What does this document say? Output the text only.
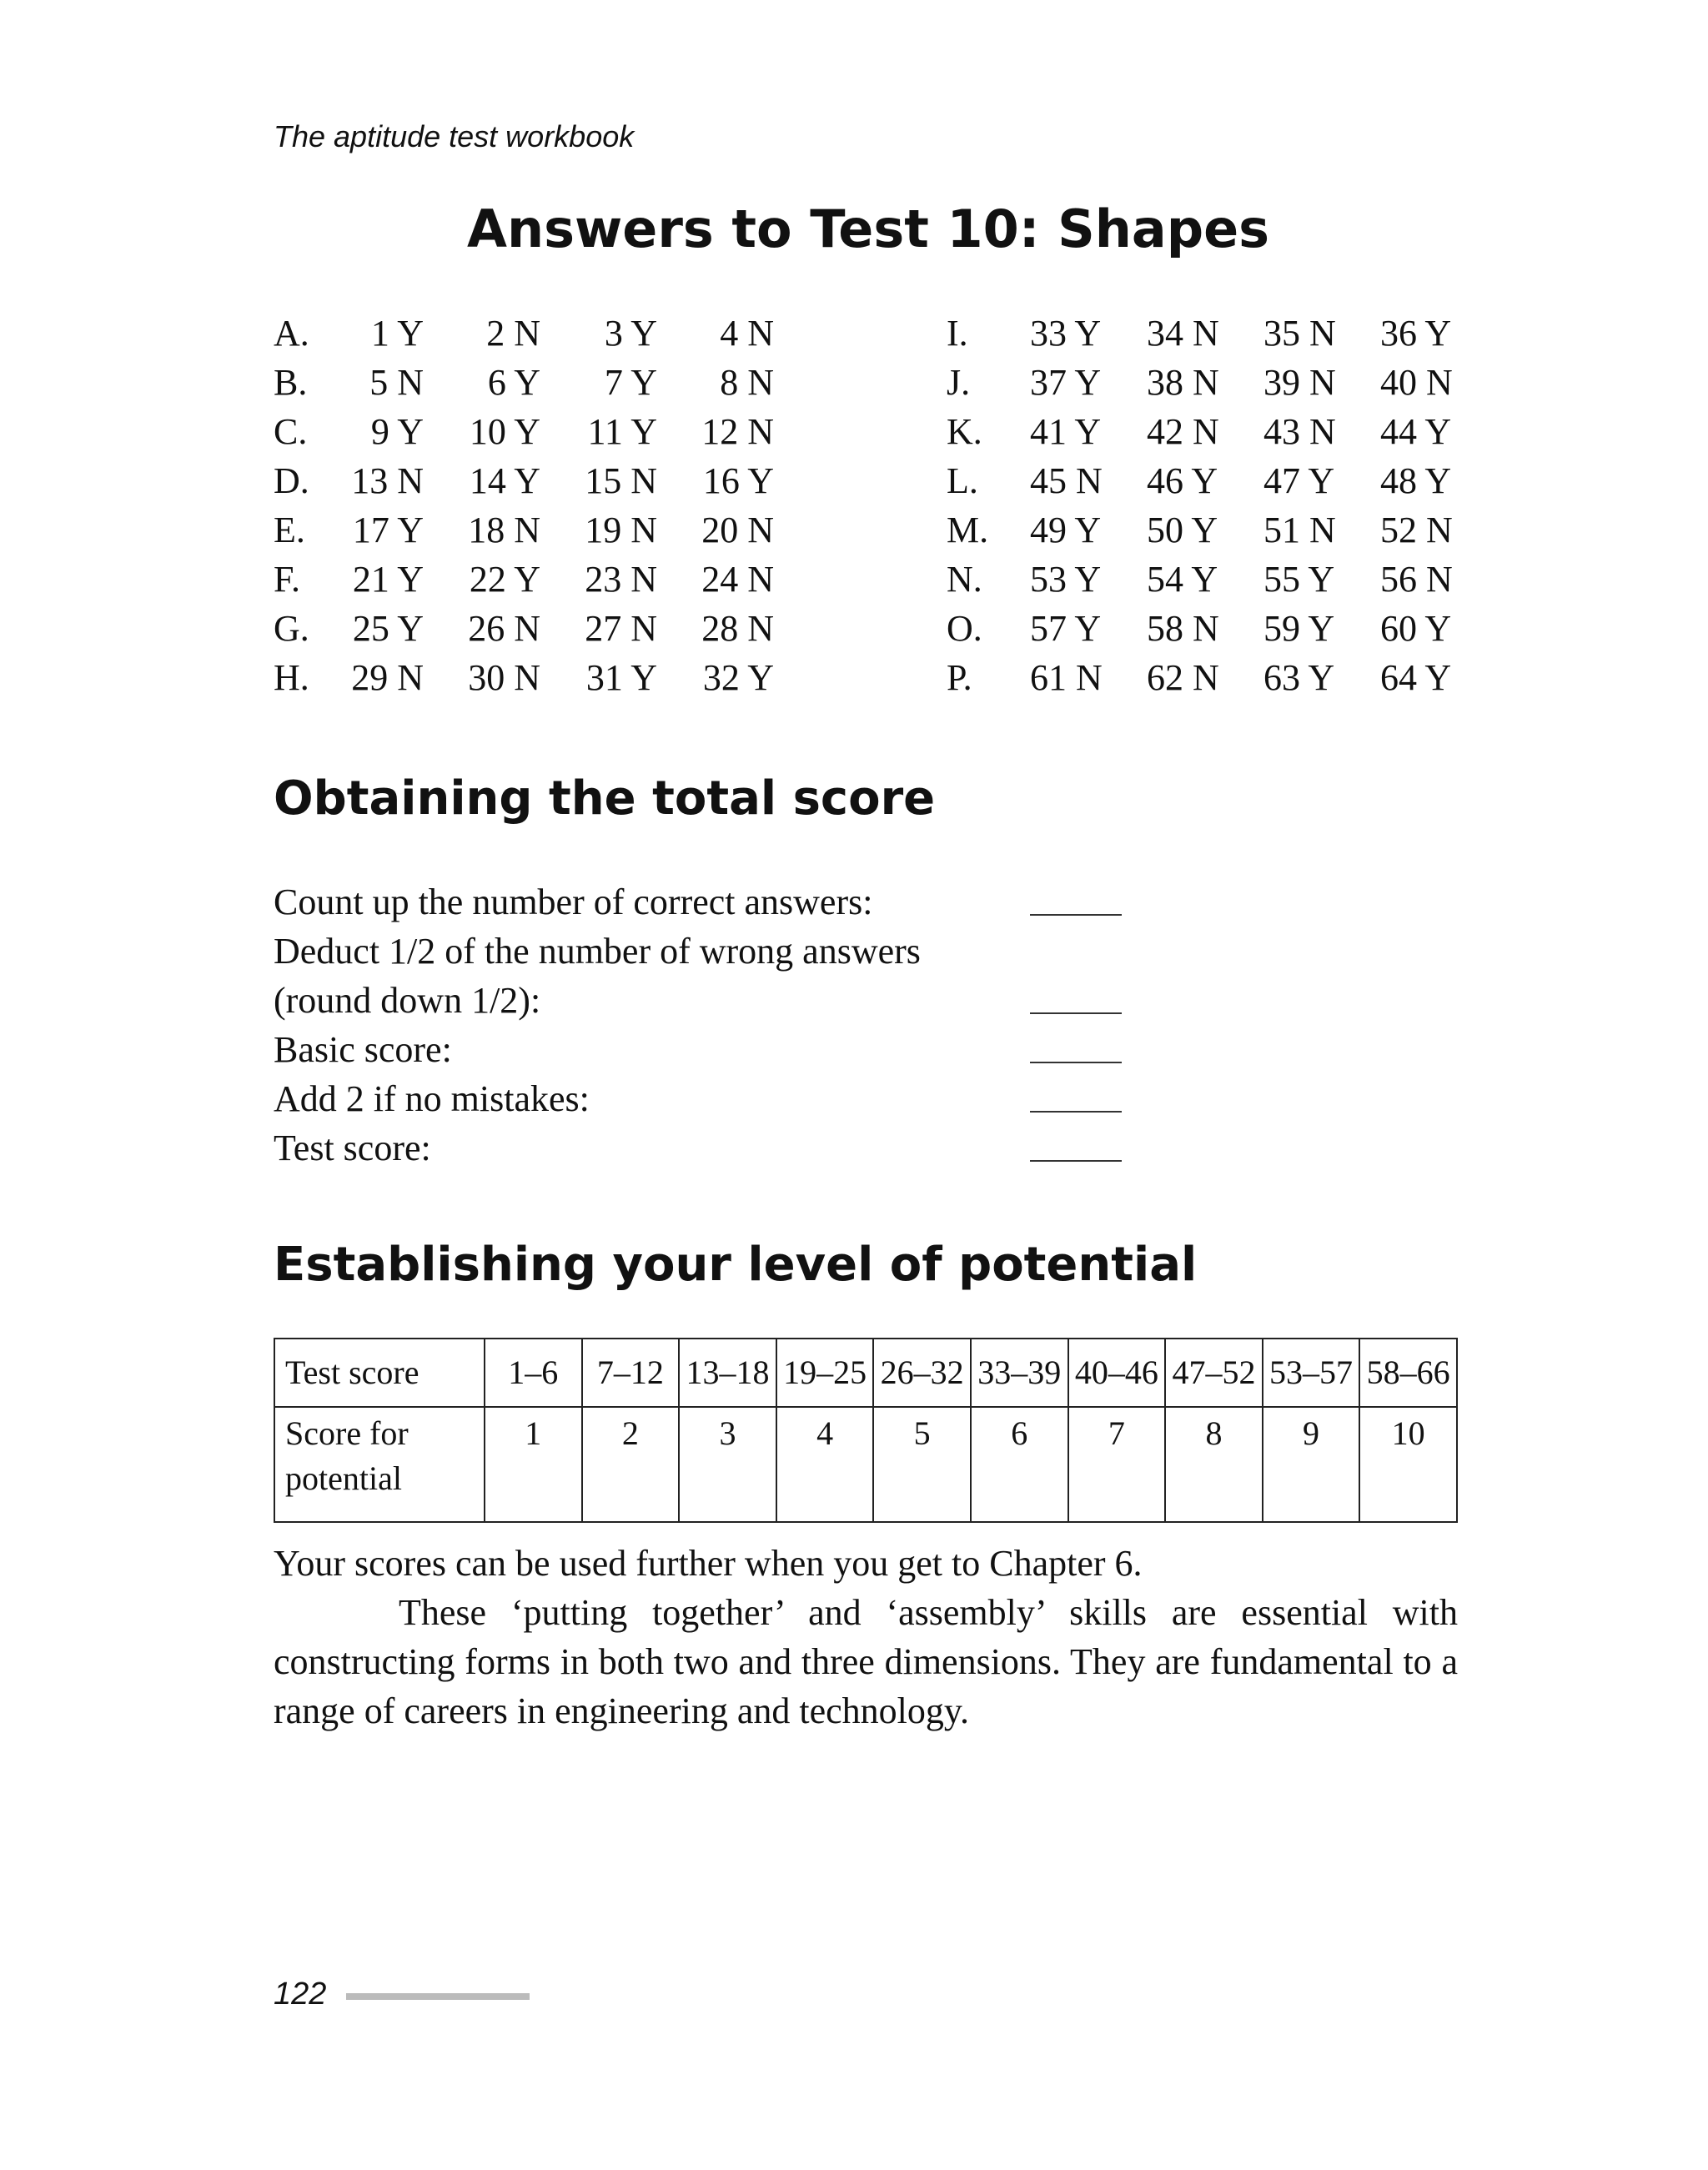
The aptitude test workbook
Answers to Test 10: Shapes
A.	1 Y	2 N	3 Y	4 N
B.	5 N	6 Y	7 Y	8 N
C.	9 Y	10 Y	11 Y	12 N
D.	13 N	14 Y	15 N	16 Y
E.	17 Y	18 N	19 N	20 N
F.	21 Y	22 Y	23 N	24 N
G.	25 Y	26 N	27 N	28 N
H.	29 N	30 N	31 Y	32 Y
I.	33 Y	34 N	35 N	36 Y
J.	37 Y	38 N	39 N	40 N
K.	41 Y	42 N	43 N	44 Y
L.	45 N	46 Y	47 Y	48 Y
M.	49 Y	50 Y	51 N	52 N
N.	53 Y	54 Y	55 Y	56 N
O.	57 Y	58 N	59 Y	60 Y
P.	61 N	62 N	63 Y	64 Y
Obtaining the total score
Count up the number of correct answers:
Deduct 1/2 of the number of wrong answers
(round down 1/2):
Basic score:
Add 2 if no mistakes:
Test score:
Establishing your level of potential
Test score	1–6	7–12	13–18	19–25	26–32	33–39	40–46	47–52	53–57	58–66
Score for
potential	1	2	3	4	5	6	7	8	9	10

Your scores can be used further when you get to Chapter 6.

These ‘putting together’ and ‘assembly’ skills are essential with constructing forms in both two and three dimensions. They are fundamental to a range of careers in engineering and technology.

122
